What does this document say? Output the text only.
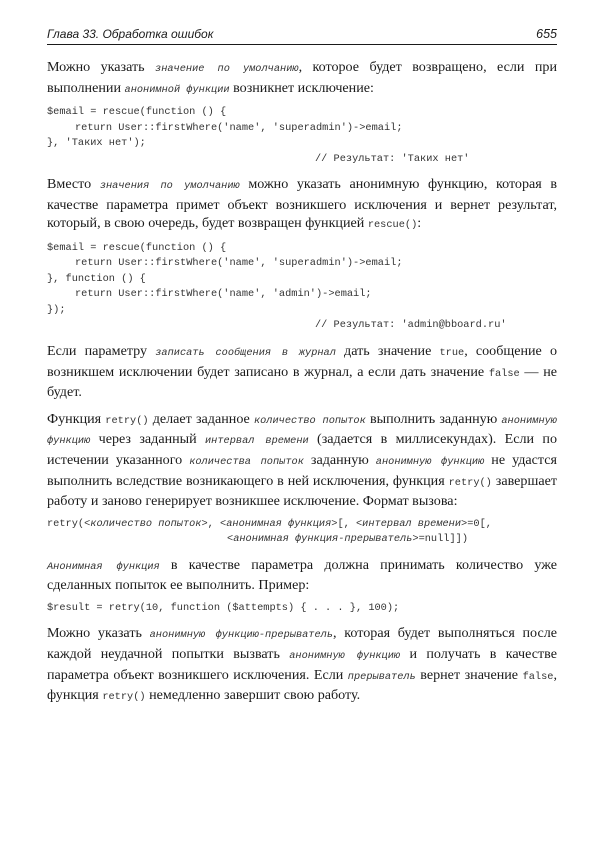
Глава 33. Обработка ошибок	655

Можно указать значение по умолчанию, которое будет возвращено, если при выполнении анонимной функции возникнет исключение:

$email = rescue(function () {
return User::firstWhere('name', 'superadmin')->email;
}, 'Таких нет');
// Результат: 'Таких нет'

Вместо значения по умолчанию можно указать анонимную функцию, которая в качестве параметра примет объект возникшего исключения и вернет результат, который, в свою очередь, будет возвращен функцией rescue():

$email = rescue(function () {
return User::firstWhere('name', 'superadmin')->email;
}, function () {
return User::firstWhere('name', 'admin')->email;
});
// Результат: 'admin@bboard.ru'

Если параметру записать сообщения в журнал дать значение true, сообщение о возникшем исключении будет записано в журнал, а если дать значение false — не будет.

Функция retry() делает заданное количество попыток выполнить заданную анонимную функцию через заданный интервал времени (задается в миллисекундах). Если по истечении указанного количества попыток заданную анонимную функцию не удастся выполнить вследствие возникающего в ней исключения, функция retry() завершает работу и заново генерирует возникшее исключение. Формат вызова:

retry(<количество попыток>, <анонимная функция>[, <интервал времени>=0[,
<анонимная функция-прерыватель>=null]])

Анонимная функция в качестве параметра должна принимать количество уже сделанных попыток ее выполнить. Пример:

$result = retry(10, function ($attempts) { . . . }, 100);

Можно указать анонимную функцию-прерыватель, которая будет выполняться после каждой неудачной попытки вызвать анонимную функцию и получать в качестве параметра объект возникшего исключения. Если прерыватель вернет значение false, функция retry() немедленно завершит свою работу.
